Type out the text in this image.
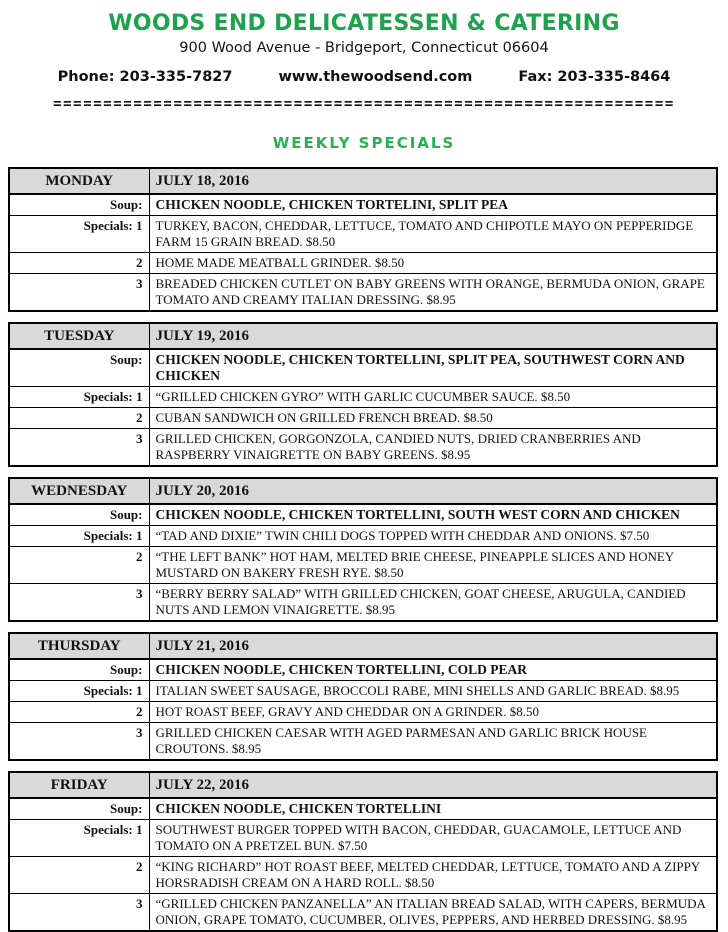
WOODS END DELICATESSEN & CATERING
900 Wood Avenue - Bridgeport, Connecticut 06604
Phone: 203-335-7827	www.thewoodsend.com	Fax: 203-335-8464
==============================================================
WEEKLY SPECIALS
MONDAY	JULY 18, 2016
Soup:	CHICKEN NOODLE, CHICKEN TORTELINI, SPLIT PEA
Specials: 1	TURKEY, BACON, CHEDDAR, LETTUCE, TOMATO AND CHIPOTLE MAYO ON PEPPERIDGE FARM 15 GRAIN BREAD. $8.50
2	HOME MADE MEATBALL GRINDER. $8.50
3	BREADED CHICKEN CUTLET ON BABY GREENS WITH ORANGE, BERMUDA ONION, GRAPE TOMATO AND CREAMY ITALIAN DRESSING. $8.95
TUESDAY	JULY 19, 2016
Soup:	CHICKEN NOODLE, CHICKEN TORTELLINI, SPLIT PEA, SOUTHWEST CORN AND CHICKEN
Specials: 1	“GRILLED CHICKEN GYRO” WITH GARLIC CUCUMBER SAUCE. $8.50
2	CUBAN SANDWICH ON GRILLED FRENCH BREAD. $8.50
3	GRILLED CHICKEN, GORGONZOLA, CANDIED NUTS, DRIED CRANBERRIES AND RASPBERRY VINAIGRETTE ON BABY GREENS. $8.95
WEDNESDAY	JULY 20, 2016
Soup:	CHICKEN NOODLE, CHICKEN TORTELLINI, SOUTH WEST CORN AND CHICKEN
Specials: 1	“TAD AND DIXIE” TWIN CHILI DOGS TOPPED WITH CHEDDAR AND ONIONS. $7.50
2	“THE LEFT BANK” HOT HAM, MELTED BRIE CHEESE, PINEAPPLE SLICES AND HONEY MUSTARD ON BAKERY FRESH RYE. $8.50
3	“BERRY BERRY SALAD” WITH GRILLED CHICKEN, GOAT CHEESE, ARUGULA, CANDIED NUTS AND LEMON VINAIGRETTE. $8.95
THURSDAY	JULY 21, 2016
Soup:	CHICKEN NOODLE, CHICKEN TORTELLINI, COLD PEAR
Specials: 1	ITALIAN SWEET SAUSAGE, BROCCOLI RABE, MINI SHELLS AND GARLIC BREAD. $8.95
2	HOT ROAST BEEF, GRAVY AND CHEDDAR ON A GRINDER. $8.50
3	GRILLED CHICKEN CAESAR WITH AGED PARMESAN AND GARLIC BRICK HOUSE CROUTONS. $8.95
FRIDAY	JULY 22, 2016
Soup:	CHICKEN NOODLE, CHICKEN TORTELLINI
Specials: 1	SOUTHWEST BURGER TOPPED WITH BACON, CHEDDAR, GUACAMOLE, LETTUCE AND TOMATO ON A PRETZEL BUN. $7.50
2	“KING RICHARD” HOT ROAST BEEF, MELTED CHEDDAR, LETTUCE, TOMATO AND A ZIPPY HORSRADISH CREAM ON A HARD ROLL. $8.50
3	“GRILLED CHICKEN PANZANELLA” AN ITALIAN BREAD SALAD, WITH CAPERS, BERMUDA ONION, GRAPE TOMATO, CUCUMBER, OLIVES, PEPPERS, AND HERBED DRESSING. $8.95
